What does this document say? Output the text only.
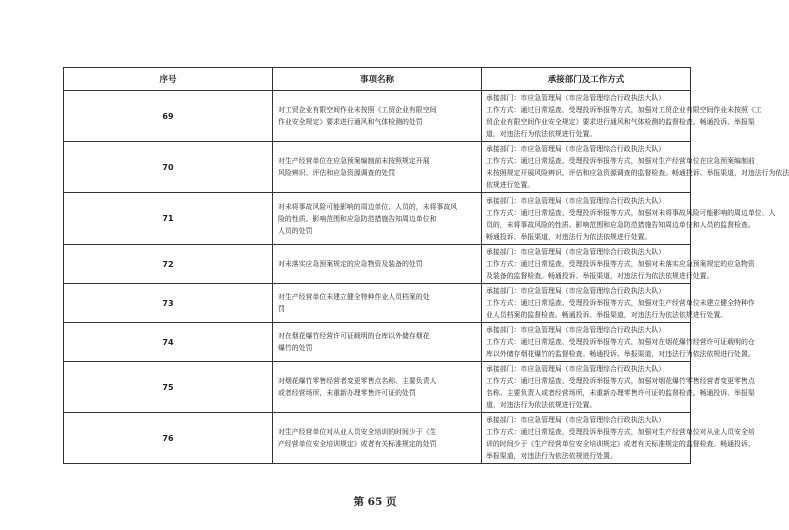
序号	事项名称	承接部门及工作方式
69	对工贸企业有限空间作业未按照《工贸企业有限空间
作业安全规定》要求进行通风和气体检测的处罚	承接部门：市应急管理局（市应急管理综合行政执法大队）
工作方式：通过日常巡查、受理投诉举报等方式，加强对工贸企业有限空间作业未按照《工
贸企业有限空间作业安全规定》要求进行通风和气体检测的监督检查。畅通投诉、举报渠
道，对违法行为依法依规进行处置。

70	对生产经营单位在应急预案编制前未按照规定开展
风险辨识、评估和应急资源调查的处罚	承接部门：市应急管理局（市应急管理综合行政执法大队）
工作方式：通过日常巡查、受理投诉举报等方式，加强对生产经营单位在应急预案编制前
未按照规定开展风险辨识、评估和应急资源调查的监督检查。畅通投诉、举报渠道，对违法行为依法
依规进行处置。

71	对未将事故风险可能影响的周边单位、人员的，未将事故风
险的性质、影响范围和应急防范措施告知周边单位和
人员的处罚	承接部门：市应急管理局（市应急管理综合行政执法大队）
工作方式：通过日常巡查、受理投诉举报等方式，加强对未将事故风险可能影响的周边单位、人
员的，未将事故风险的性质、影响范围和应急防范措施告知周边单位和人员的监督检查。
畅通投诉、举报渠道，对违法行为依法依规进行处置。

72	对未落实应急预案规定的应急物资及装备的处罚	承接部门：市应急管理局（市应急管理综合行政执法大队）
工作方式：通过日常巡查、受理投诉举报等方式，加强对未落实应急预案规定的应急物资
及装备的监督检查。畅通投诉、举报渠道，对违法行为依法依规进行处置。

73	对生产经营单位未建立健全特种作业人员档案的处
罚	承接部门：市应急管理局（市应急管理综合行政执法大队）
工作方式：通过日常巡查、受理投诉举报等方式，加强对生产经营单位未建立健全特种作
业人员档案的监督检查。畅通投诉、举报渠道，对违法行为依法依规进行处置。

74	对在烟花爆竹经营许可证载明的仓库以外储存烟花
爆竹的处罚	承接部门：市应急管理局（市应急管理综合行政执法大队）
工作方式：通过日常巡查、受理投诉举报等方式，加强对在烟花爆竹经营许可证载明的仓
库以外储存烟花爆竹的监督检查。畅通投诉、举报渠道，对违法行为依法依规进行处置。

75	对烟花爆竹零售经营者变更零售点名称、主要负责人
或者经营场所，未重新办理零售许可证的处罚	承接部门：市应急管理局（市应急管理综合行政执法大队）
工作方式：通过日常巡查、受理投诉举报等方式，加强对烟花爆竹零售经营者变更零售点
名称、主要负责人或者经营场所，未重新办理零售许可证的监督检查。畅通投诉、举报渠
道，对违法行为依法依规进行处置。

76	对生产经营单位对从业人员安全培训的时间少于《生
产经营单位安全培训规定》或者有关标准规定的处罚	承接部门：市应急管理局（市应急管理综合行政执法大队）
工作方式：通过日常巡查、受理投诉举报等方式，加强对生产经营单位对从业人员安全培
训的时间少于《生产经营单位安全培训规定》或者有关标准规定的监督检查。畅通投诉、
举报渠道，对违法行为依法依规进行处置。
第 65 页
